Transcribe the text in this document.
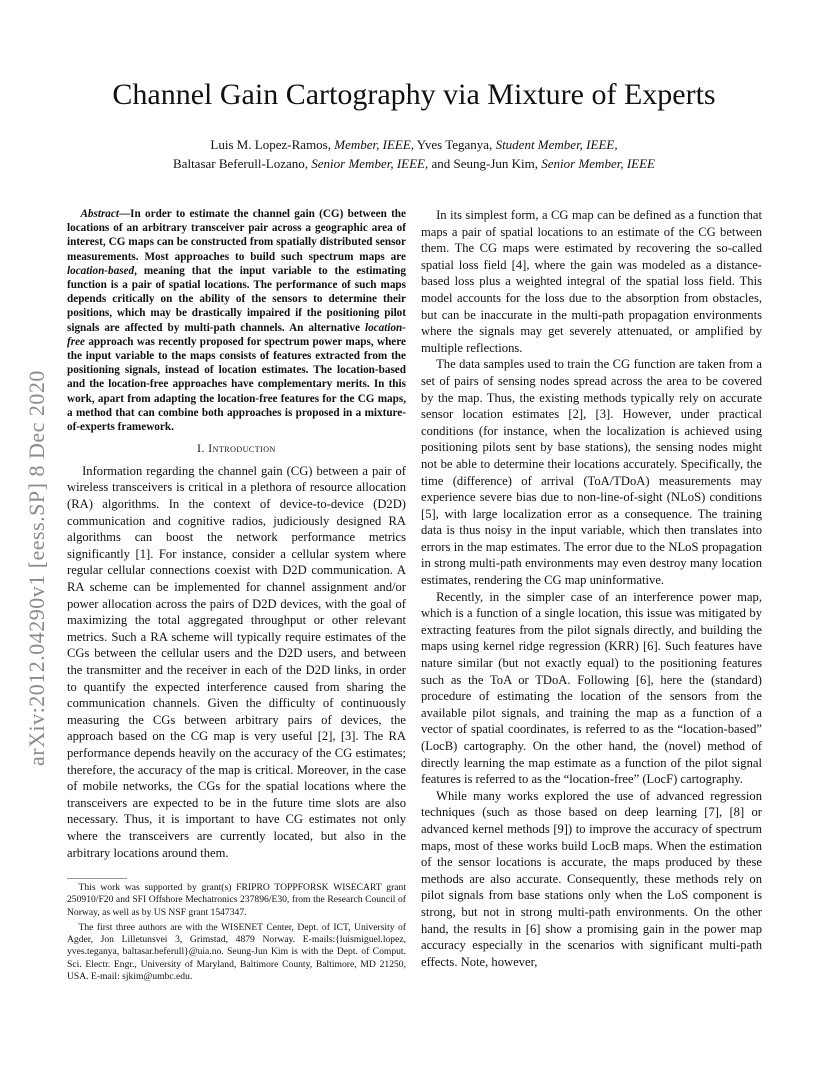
arXiv:2012.04290v1 [eess.SP] 8 Dec 2020
Channel Gain Cartography via Mixture of Experts

Luis M. Lopez-Ramos, Member, IEEE, Yves Teganya, Student Member, IEEE,
Baltasar Beferull-Lozano, Senior Member, IEEE, and Seung-Jun Kim, Senior Member, IEEE

Abstract—In order to estimate the channel gain (CG) between the locations of an arbitrary transceiver pair across a geographic area of interest, CG maps can be constructed from spatially distributed sensor measurements. Most approaches to build such spectrum maps are location-based, meaning that the input variable to the estimating function is a pair of spatial locations. The performance of such maps depends critically on the ability of the sensors to determine their positions, which may be drastically impaired if the positioning pilot signals are affected by multi-path channels. An alternative location-free approach was recently proposed for spectrum power maps, where the input variable to the maps consists of features extracted from the positioning signals, instead of location estimates. The location-based and the location-free approaches have complementary merits. In this work, apart from adapting the location-free features for the CG maps, a method that can combine both approaches is proposed in a mixture-of-experts framework.

I. Introduction

Information regarding the channel gain (CG) between a pair of wireless transceivers is critical in a plethora of resource allocation (RA) algorithms. In the context of device-to-device (D2D) communication and cognitive radios, judiciously designed RA algorithms can boost the network performance metrics significantly [1]. For instance, consider a cellular system where regular cellular connections coexist with D2D communication. A RA scheme can be implemented for channel assignment and/or power allocation across the pairs of D2D devices, with the goal of maximizing the total aggregated throughput or other relevant metrics. Such a RA scheme will typically require estimates of the CGs between the cellular users and the D2D users, and between the transmitter and the receiver in each of the D2D links, in order to quantify the expected interference caused from sharing the communication channels. Given the difficulty of continuously measuring the CGs between arbitrary pairs of devices, the approach based on the CG map is very useful [2], [3]. The RA performance depends heavily on the accuracy of the CG estimates; therefore, the accuracy of the map is critical. Moreover, in the case of mobile networks, the CGs for the spatial locations where the transceivers are expected to be in the future time slots are also necessary. Thus, it is important to have CG estimates not only where the transceivers are currently located, but also in the arbitrary locations around them.

This work was supported by grant(s) FRIPRO TOPPFORSK WISECART grant 250910/F20 and SFI Offshore Mechatronics 237896/E30, from the Research Council of Norway, as well as by US NSF grant 1547347.

The first three authors are with the WISENET Center, Dept. of ICT, University of Agder, Jon Lilletunsvei 3, Grimstad, 4879 Norway. E-mails:{luismiguel.lopez, yves.teganya, baltasar.beferull}@uia.no. Seung-Jun Kim is with the Dept. of Comput. Sci. Electr. Engr., University of Maryland, Baltimore County, Baltimore, MD 21250, USA. E-mail: sjkim@umbc.edu.

In its simplest form, a CG map can be defined as a function that maps a pair of spatial locations to an estimate of the CG between them. The CG maps were estimated by recovering the so-called spatial loss field [4], where the gain was modeled as a distance-based loss plus a weighted integral of the spatial loss field. This model accounts for the loss due to the absorption from obstacles, but can be inaccurate in the multi-path propagation environments where the signals may get severely attenuated, or amplified by multiple reflections.

The data samples used to train the CG function are taken from a set of pairs of sensing nodes spread across the area to be covered by the map. Thus, the existing methods typically rely on accurate sensor location estimates [2], [3]. However, under practical conditions (for instance, when the localization is achieved using positioning pilots sent by base stations), the sensing nodes might not be able to determine their locations accurately. Specifically, the time (difference) of arrival (ToA/TDoA) measurements may experience severe bias due to non-line-of-sight (NLoS) conditions [5], with large localization error as a consequence. The training data is thus noisy in the input variable, which then translates into errors in the map estimates. The error due to the NLoS propagation in strong multi-path environments may even destroy many location estimates, rendering the CG map uninformative.

Recently, in the simpler case of an interference power map, which is a function of a single location, this issue was mitigated by extracting features from the pilot signals directly, and building the maps using kernel ridge regression (KRR) [6]. Such features have nature similar (but not exactly equal) to the positioning features such as the ToA or TDoA. Following [6], here the (standard) procedure of estimating the location of the sensors from the available pilot signals, and training the map as a function of a vector of spatial coordinates, is referred to as the “location-based” (LocB) cartography. On the other hand, the (novel) method of directly learning the map estimate as a function of the pilot signal features is referred to as the “location-free” (LocF) cartography.

While many works explored the use of advanced regression techniques (such as those based on deep learning [7], [8] or advanced kernel methods [9]) to improve the accuracy of spectrum maps, most of these works build LocB maps. When the estimation of the sensor locations is accurate, the maps produced by these methods are also accurate. Consequently, these methods rely on pilot signals from base stations only when the LoS component is strong, but not in strong multi-path environments. On the other hand, the results in [6] show a promising gain in the power map accuracy especially in the scenarios with significant multi-path effects. Note, however,
